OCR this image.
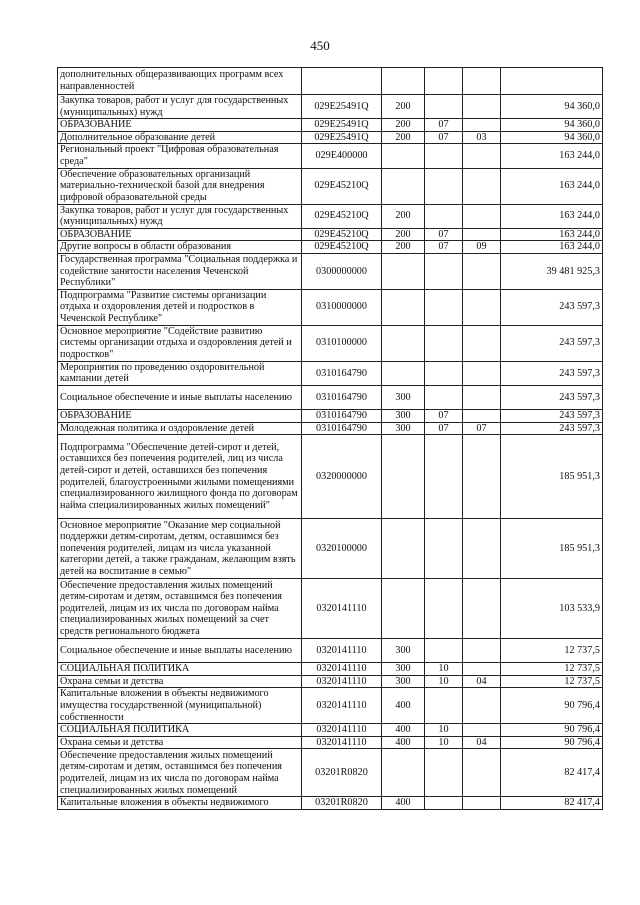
450
дополнительных общеразвивающих программ всех направленностей					
Закупка товаров, работ и услуг для государственных (муниципальных) нужд	029E25491Q	200			94 360,0
ОБРАЗОВАНИЕ	029E25491Q	200	07		94 360,0
Дополнительное образование детей	029E25491Q	200	07	03	94 360,0
Региональный проект "Цифровая образовательная среда"	029E400000				163 244,0
Обеспечение образовательных организаций материально-технической базой для внедрения цифровой образовательной среды	029E45210Q				163 244,0
Закупка товаров, работ и услуг для государственных (муниципальных) нужд	029E45210Q	200			163 244,0
ОБРАЗОВАНИЕ	029E45210Q	200	07		163 244,0
Другие вопросы в области образования	029E45210Q	200	07	09	163 244,0
Государственная программа "Социальная поддержка и содействие занятости населения Чеченской Республики"	0300000000				39 481 925,3
Подпрограмма "Развитие системы организации отдыха и оздоровления детей и подростков в Чеченской Республике"	0310000000				243 597,3
Основное мероприятие "Содействие развитию системы организации отдыха и оздоровления детей и подростков"	0310100000				243 597,3
Мероприятия по проведению оздоровительной кампании детей	0310164790				243 597,3
Социальное обеспечение и иные выплаты населению	0310164790	300			243 597,3
ОБРАЗОВАНИЕ	0310164790	300	07		243 597,3
Молодежная политика и оздоровление детей	0310164790	300	07	07	243 597,3
Подпрограмма "Обеспечение детей-сирот и детей, оставшихся без попечения родителей, лиц из числа детей-сирот и детей, оставшихся без попечения родителей, благоустроенными жилыми помещениями специализированного жилищного фонда по договорам найма специализированных жилых помещений"	0320000000				185 951,3
Основное мероприятие "Оказание мер социальной поддержки детям-сиротам, детям, оставшимся без попечения родителей, лицам из числа указанной категории детей, а также гражданам, желающим взять детей на воспитание в семью"	0320100000				185 951,3
Обеспечение предоставления жилых помещений детям-сиротам и детям, оставшимся без попечения родителей, лицам из их числа по договорам найма специализированных жилых помещений за счет средств регионального бюджета	0320141110				103 533,9
Социальное обеспечение и иные выплаты населению	0320141110	300			12 737,5
СОЦИАЛЬНАЯ ПОЛИТИКА	0320141110	300	10		12 737,5
Охрана семьи и детства	0320141110	300	10	04	12 737,5
Капитальные вложения в объекты недвижимого имущества государственной (муниципальной) собственности	0320141110	400			90 796,4
СОЦИАЛЬНАЯ ПОЛИТИКА	0320141110	400	10		90 796,4
Охрана семьи и детства	0320141110	400	10	04	90 796,4
Обеспечение предоставления жилых помещений детям-сиротам и детям, оставшимся без попечения родителей, лицам из их числа по договорам найма специализированных жилых помещений	03201R0820				82 417,4
Капитальные вложения в объекты недвижимого	03201R0820	400			82 417,4
